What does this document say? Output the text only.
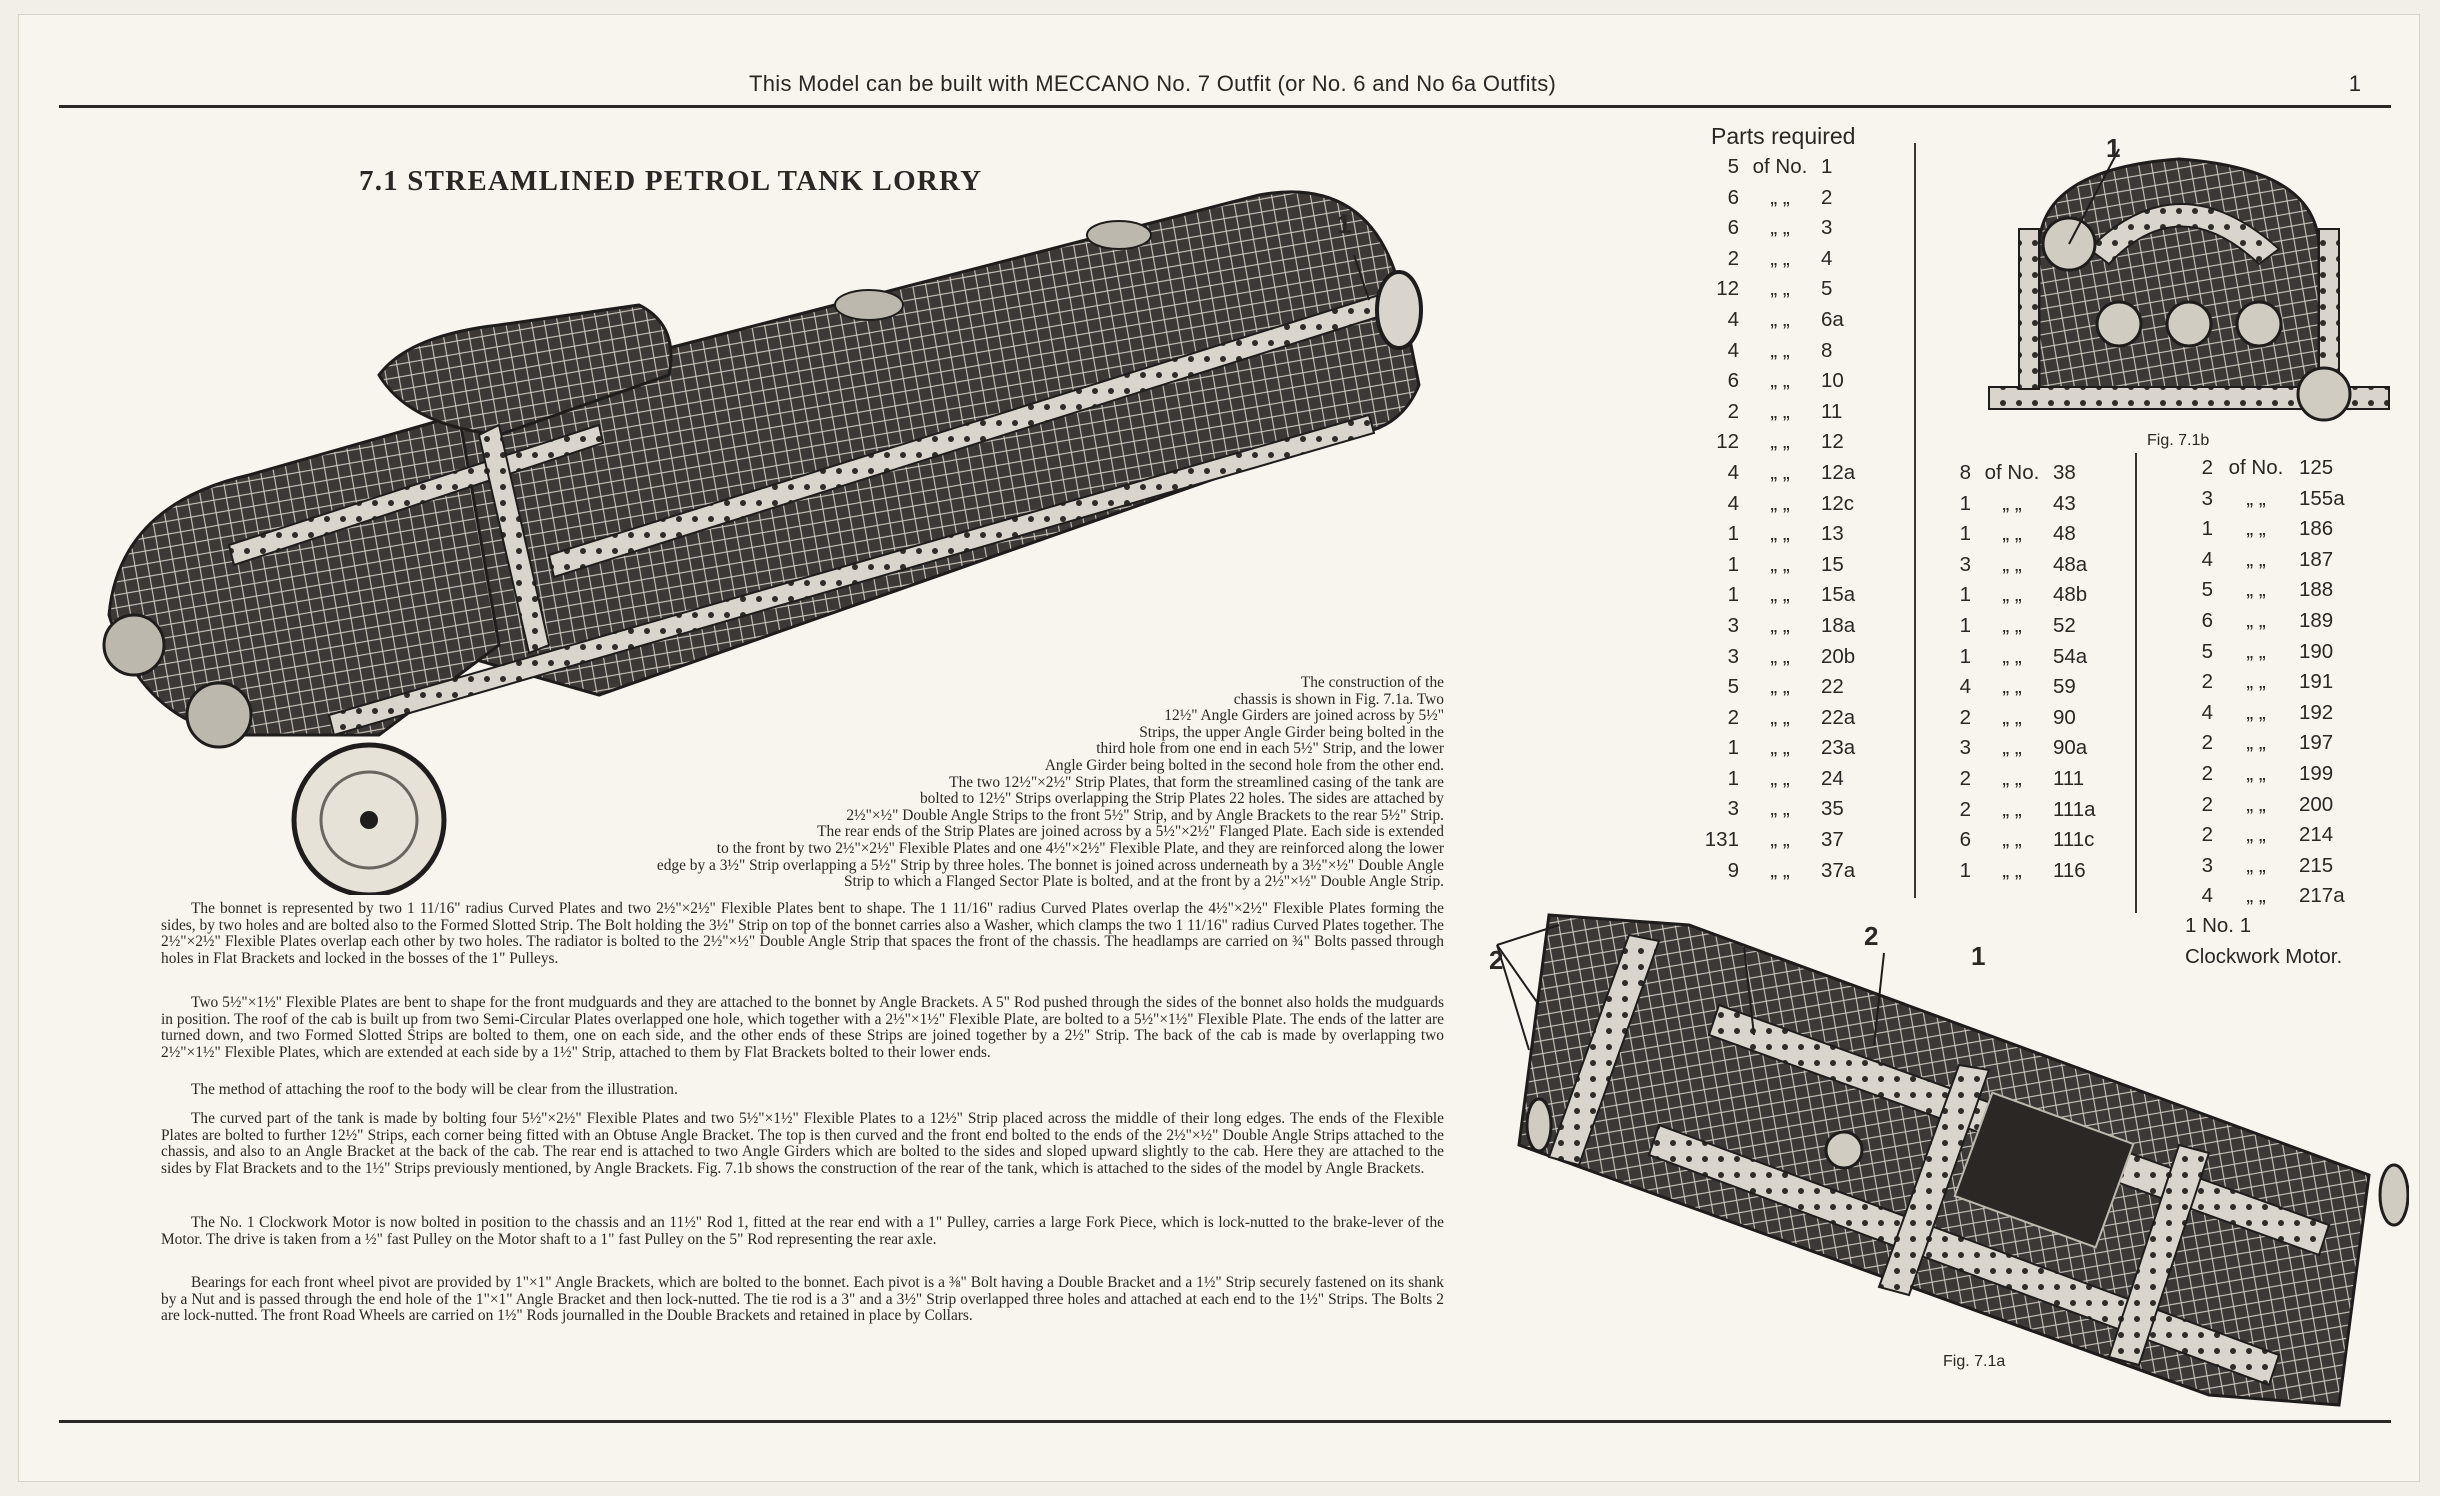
This Model can be built with MECCANO No. 7 Outfit (or No. 6 and No 6a Outfits)	1
7.1 STREAMLINED PETROL TANK LORRY
1
The construction of the
chassis is shown in Fig. 7.1a. Two
12½" Angle Girders are joined across by 5½"
Strips, the upper Angle Girder being bolted in the
third hole from one end in each 5½" Strip, and the lower
Angle Girder being bolted in the second hole from the other end.
The two 12½"×2½" Strip Plates, that form the streamlined casing of the tank are
bolted to 12½" Strips overlapping the Strip Plates 22 holes. The sides are attached by
2½"×½" Double Angle Strips to the front 5½" Strip, and by Angle Brackets to the rear 5½" Strip.
The rear ends of the Strip Plates are joined across by a 5½"×2½" Flanged Plate. Each side is extended
to the front by two 2½"×2½" Flexible Plates and one 4½"×2½" Flexible Plate, and they are reinforced along the lower
edge by a 3½" Strip overlapping a 5½" Strip by three holes. The bonnet is joined across underneath by a 3½"×½" Double Angle
Strip to which a Flanged Sector Plate is bolted, and at the front by a 2½"×½" Double Angle Strip.

The bonnet is represented by two 1 11/16" radius Curved Plates and two 2½"×2½" Flexible Plates bent to shape. The 1 11/16" radius Curved Plates overlap the 4½"×2½" Flexible Plates forming the sides, by two holes and are bolted also to the Formed Slotted Strip. The Bolt holding the 3½" Strip on top of the bonnet carries also a Washer, which clamps the two 1 11/16" radius Curved Plates together. The 2½"×2½" Flexible Plates overlap each other by two holes. The radiator is bolted to the 2½"×½" Double Angle Strip that spaces the front of the chassis. The headlamps are carried on ¾" Bolts passed through holes in Flat Brackets and locked in the bosses of the 1" Pulleys.

Two 5½"×1½" Flexible Plates are bent to shape for the front mudguards and they are attached to the bonnet by Angle Brackets. A 5" Rod pushed through the sides of the bonnet also holds the mudguards in position. The roof of the cab is built up from two Semi-Circular Plates overlapped one hole, which together with a 2½"×1½" Flexible Plate, are bolted to a 5½"×1½" Flexible Plate. The ends of the latter are turned down, and two Formed Slotted Strips are bolted to them, one on each side, and the other ends of these Strips are joined together by a 2½" Strip. The back of the cab is made by overlapping two 2½"×1½" Flexible Plates, which are extended at each side by a 1½" Strip, attached to them by Flat Brackets bolted to their lower ends.

The method of attaching the roof to the body will be clear from the illustration.

The curved part of the tank is made by bolting four 5½"×2½" Flexible Plates and two 5½"×1½" Flexible Plates to a 12½" Strip placed across the middle of their long edges. The ends of the Flexible Plates are bolted to further 12½" Strips, each corner being fitted with an Obtuse Angle Bracket. The top is then curved and the front end bolted to the ends of the 2½"×½" Double Angle Strips attached to the chassis, and also to an Angle Bracket at the back of the cab. The rear end is attached to two Angle Girders which are bolted to the sides and sloped upward slightly to the cab. Here they are attached to the sides by Flat Brackets and to the 1½" Strips previously mentioned, by Angle Brackets. Fig. 7.1b shows the construction of the rear of the tank, which is attached to the sides of the model by Angle Brackets.

The No. 1 Clockwork Motor is now bolted in position to the chassis and an 11½" Rod 1, fitted at the rear end with a 1" Pulley, carries a large Fork Piece, which is lock-nutted to the brake-lever of the Motor. The drive is taken from a ½" fast Pulley on the Motor shaft to a 1" fast Pulley on the 5" Rod representing the rear axle.

Bearings for each front wheel pivot are provided by 1"×1" Angle Brackets, which are bolted to the bonnet. Each pivot is a ⅜" Bolt having a Double Bracket and a 1½" Strip securely fastened on its shank by a Nut and is passed through the end hole of the 1"×1" Angle Bracket and then lock-nutted. The tie rod is a 3" and a 3½" Strip overlapped three holes and attached at each end to the 1½" Strips. The Bolts 2 are lock-nutted. The front Road Wheels are carried on 1½" Rods journalled in the Double Brackets and retained in place by Collars.

Parts required
5 of No. 1
6	„ „	2
6	„ „	3
2	„ „	4
12	„ „	5
4	„ „	6a
4	„ „	8
6	„ „	10
2	„ „	11
12	„ „	12
4	„ „	12a
4	„ „	12c
1	„ „	13
1	„ „	15
1	„ „	15a
3	„ „	18a
3	„ „	20b
5	„ „	22
2	„ „	22a
1	„ „	23a
1	„ „	24
3	„ „	35
131	„ „	37
9	„ „	37a
8 of No. 38
1	„ „	43
1	„ „	48
3	„ „	48a
1	„ „	48b
1	„ „	52
1	„ „	54a
4	„ „	59
2	„ „	90
3	„ „	90a
2	„ „	111
2	„ „	111a
6	„ „	111c
1	„ „	116
2 of No. 125
3	„ „	155a
1	„ „	186
4	„ „	187
5	„ „	188
6	„ „	189
5	„ „	190
2	„ „	191
4	„ „	192
2	„ „	197
2	„ „	199
2	„ „	200
2	„ „	214
3	„ „	215
4	„ „	217a
1 No. 1 Clockwork Motor.
1
Fig. 7.1b
2
2
1
Fig. 7.1a
